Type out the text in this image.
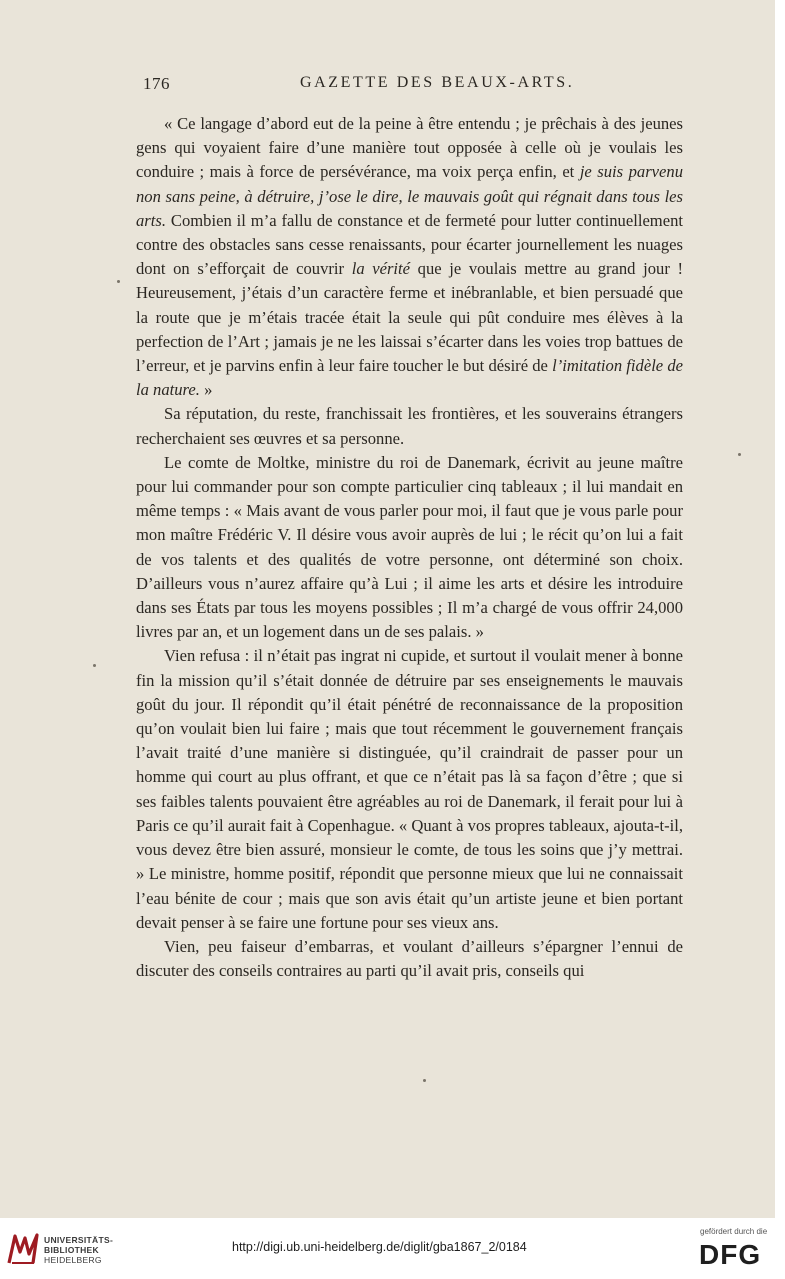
176	GAZETTE DES BEAUX-ARTS.

« Ce langage d’abord eut de la peine à être entendu ; je prêchais à des jeunes gens qui voyaient faire d’une manière tout opposée à celle où je voulais les conduire ; mais à force de persévérance, ma voix perça enfin, et je suis parvenu non sans peine, à détruire, j’ose le dire, le mauvais goût qui régnait dans tous les arts. Combien il m’a fallu de constance et de fermeté pour lutter continuellement contre des obstacles sans cesse renaissants, pour écarter journellement les nuages dont on s’efforçait de couvrir la vérité que je voulais mettre au grand jour ! Heureusement, j’étais d’un caractère ferme et inébranlable, et bien persuadé que la route que je m’étais tracée était la seule qui pût conduire mes élèves à la perfection de l’Art ; jamais je ne les laissai s’écarter dans les voies trop battues de l’erreur, et je parvins enfin à leur faire toucher le but désiré de l’imitation fidèle de la nature. »

Sa réputation, du reste, franchissait les frontières, et les souverains étrangers recherchaient ses œuvres et sa personne.

Le comte de Moltke, ministre du roi de Danemark, écrivit au jeune maître pour lui commander pour son compte particulier cinq tableaux ; il lui mandait en même temps : « Mais avant de vous parler pour moi, il faut que je vous parle pour mon maître Frédéric V. Il désire vous avoir auprès de lui ; le récit qu’on lui a fait de vos talents et des qualités de votre personne, ont déterminé son choix. D’ailleurs vous n’aurez affaire qu’à Lui ; il aime les arts et désire les introduire dans ses États par tous les moyens possibles ; Il m’a chargé de vous offrir 24,000 livres par an, et un logement dans un de ses palais. »

Vien refusa : il n’était pas ingrat ni cupide, et surtout il voulait mener à bonne fin la mission qu’il s’était donnée de détruire par ses enseignements le mauvais goût du jour. Il répondit qu’il était pénétré de reconnaissance de la proposition qu’on voulait bien lui faire ; mais que tout récemment le gouvernement français l’avait traité d’une manière si distinguée, qu’il craindrait de passer pour un homme qui court au plus offrant, et que ce n’était pas là sa façon d’être ; que si ses faibles talents pouvaient être agréables au roi de Danemark, il ferait pour lui à Paris ce qu’il aurait fait à Copenhague. « Quant à vos propres tableaux, ajouta-t-il, vous devez être bien assuré, monsieur le comte, de tous les soins que j’y mettrai. » Le ministre, homme positif, répondit que personne mieux que lui ne connaissait l’eau bénite de cour ; mais que son avis était qu’un artiste jeune et bien portant devait penser à se faire une fortune pour ses vieux ans.

Vien, peu faiseur d’embarras, et voulant d’ailleurs s’épargner l’ennui de discuter des conseils contraires au parti qu’il avait pris, conseils qui

UNIVERSITÄTS-
BIBLIOTHEK
HEIDELBERG
http://digi.ub.uni-heidelberg.de/diglit/gba1867_2/0184
gefördert durch die
DFG
